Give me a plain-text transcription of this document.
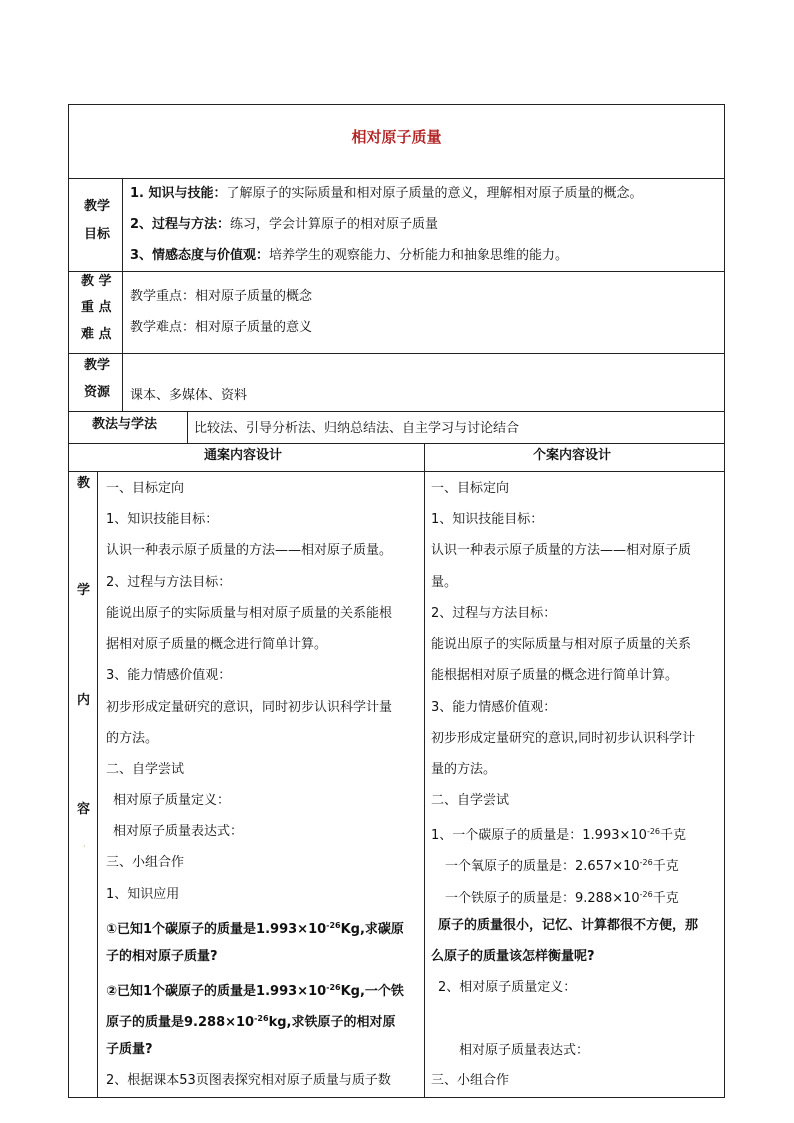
相对原子质量
教学
目标
1. 知识与技能：了解原子的实际质量和相对原子质量的意义，理解相对原子质量的概念。
2、过程与方法：练习，学会计算原子的相对原子质量
3、情感态度与价值观：培养学生的观察能力、分析能力和抽象思维的能力。
教 学
重 点
难 点
教学重点：相对原子质量的概念
教学难点：相对原子质量的意义
教学
资源 课本、多媒体、资料
教法与学法	比较法、引导分析法、归纳总结法、自主学习与讨论结合
通案内容设计	个案内容设计
教
学
内
容
·
一、目标定向
1、知识技能目标：
认识一种表示原子质量的方法——相对原子质量。
2、过程与方法目标：
能说出原子的实际质量与相对原子质量的关系能根
据相对原子质量的概念进行简单计算。
3、能力情感价值观：
初步形成定量研究的意识，同时初步认识科学计量
的方法。
二、自学尝试
相对原子质量定义：
相对原子质量表达式：
三、小组合作
1、知识应用
①已知1个碳原子的质量是$1.993\times 10^{-26}Kg$,求碳原
子的相对原子质量?
②已知1个碳原子的质量是$1.993\times 10^{-26}Kg$,一个铁
原子的质量是$9.288\times 10^{-26}kg$,求铁原子的相对原
子质量?
2、根据课本53页图表探究相对原子质量与质子数
一、目标定向
1、知识技能目标：
认识一种表示原子质量的方法——相对原子质
量。
2、过程与方法目标：
能说出原子的实际质量与相对原子质量的关系
能根据相对原子质量的概念进行简单计算。
3、能力情感价值观：
初步形成定量研究的意识,同时初步认识科学计
量的方法。
二、自学尝试
1、一个碳原子的质量是：$1.993\times 10^{-26}$千克
一个氧原子的质量是：$2.657\times 10^{-26}$千克
一个铁原子的质量是：$9.288\times 10^{-26}$千克
原子的质量很小，记忆、计算都很不方便，那
么原子的质量该怎样衡量呢?
2、相对原子质量定义：
相对原子质量表达式：
三、小组合作
